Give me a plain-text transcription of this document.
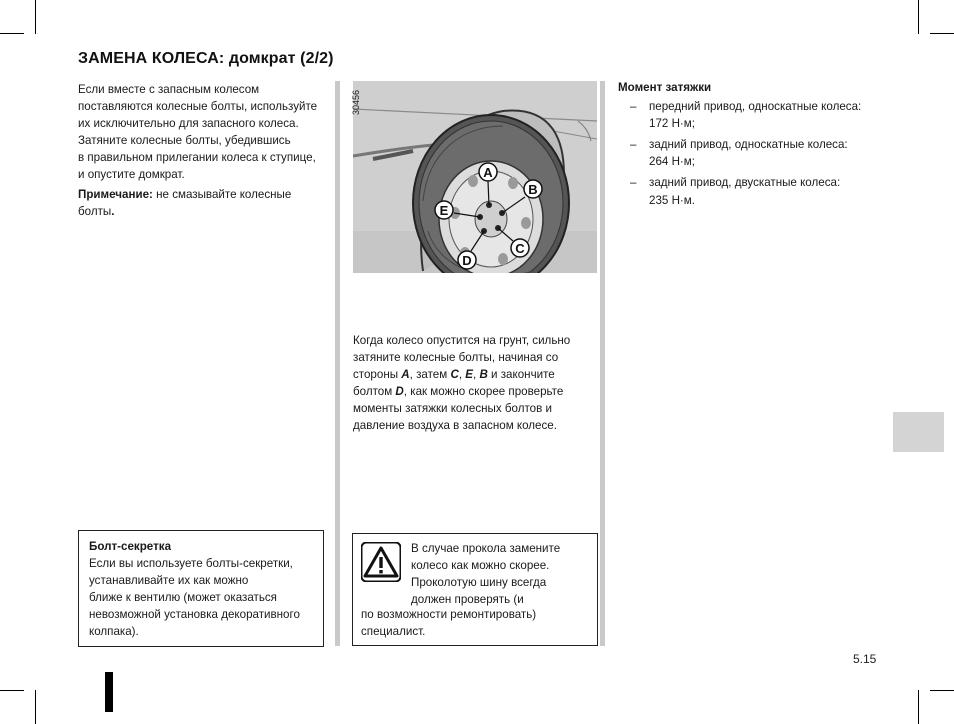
ЗАМЕНА КОЛЕСА: домкрат (2/2)

Если вместе с запасным колесом

поставляются колесные болты, используйте

их исключительно для запасного колеса.

Затяните колесные болты, убедившись

в правильном прилегании колеса к ступице,

и опустите домкрат.

Примечание: не смазывайте колесные

болты.

Болт-секретка
Если вы используете болты-секретки,
устанавливайте их как можно
ближе к вентилю (может оказаться
невозможной установка декоративного
колпака).
A
B
C
D
E
30456

Когда колесо опустится на грунт, сильно

затяните колесные болты, начиная со

стороны A, затем C, E, B и закончите

болтом D, как можно скорее проверьте

моменты затяжки колесных болтов и

давление воздуха в запасном колесе.

В случае прокола замените
колесо как можно скорее.
Проколотую шину всегда
должен проверять (и
по возможности ремонтировать)
специалист.
Момент затяжки
– передний привод, односкатные колеса:
172 Н·м;
– задний привод, односкатные колеса:
264 Н·м;
– задний привод, двускатные колеса:
235 Н·м.
5.15
